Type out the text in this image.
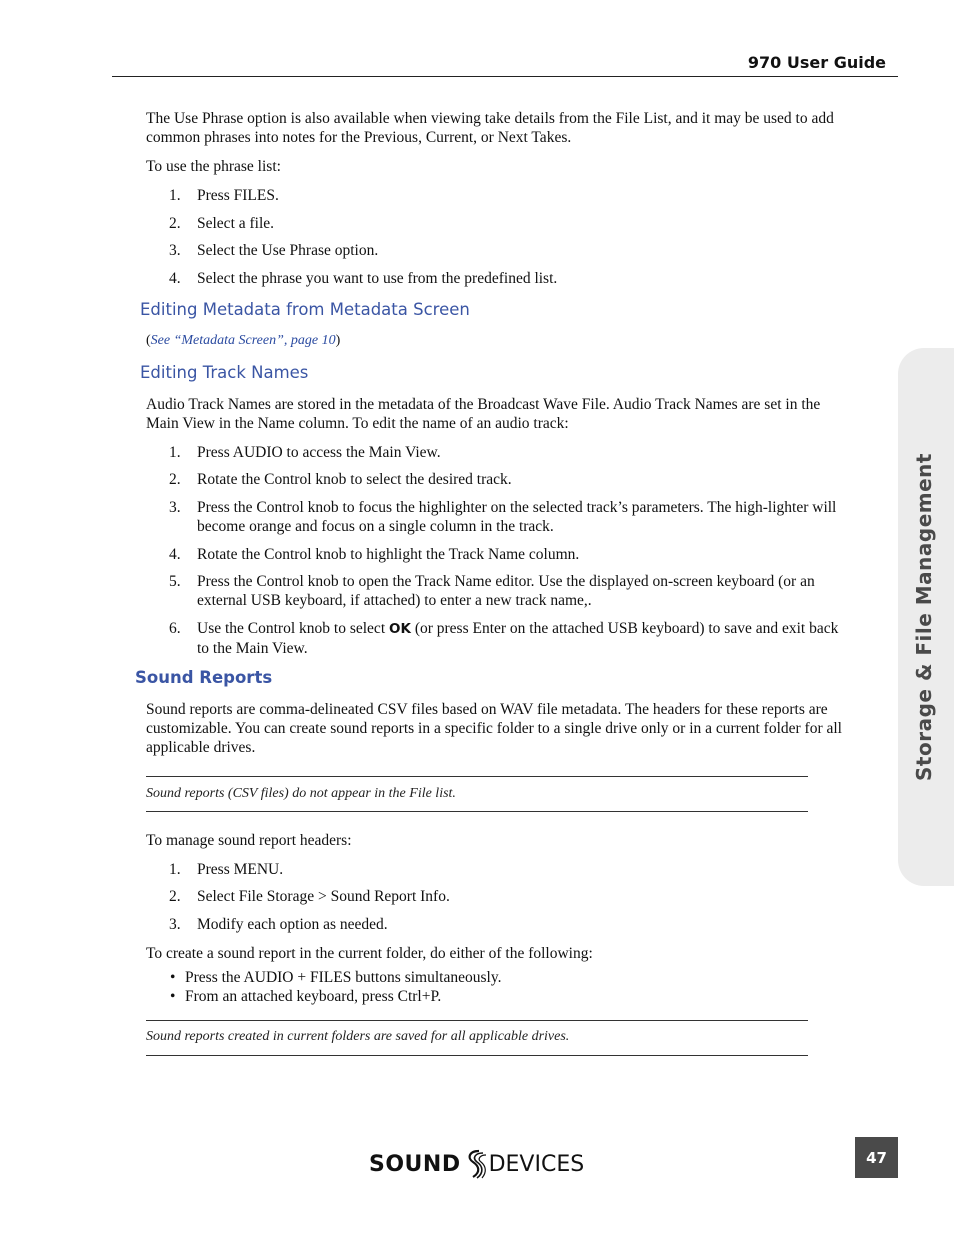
970 User Guide
Storage & File Management

The Use Phrase option is also available when viewing take details from the File List, and it may be used to add common phrases into notes for the Previous, Current, or Next Takes.

To use the phrase list:

1. Press FILES.
2. Select a file.
3. Select the Use Phrase option.
4. Select the phrase you want to use from the predefined list.
Editing Metadata from Metadata Screen
(See “Metadata Screen”, page 10)
Editing Track Names

Audio Track Names are stored in the metadata of the Broadcast Wave File. Audio Track Names are set in the Main View in the Name column. To edit the name of an audio track:

1. Press AUDIO to access the Main View.
2. Rotate the Control knob to select the desired track.
3. Press the Control knob to focus the highlighter on the selected track’s parameters. The high-lighter will become orange and focus on a single column in the track.
4. Rotate the Control knob to highlight the Track Name column.
5. Press the Control knob to open the Track Name editor. Use the displayed on-screen keyboard (or an external USB keyboard, if attached) to enter a new track name,.
6. Use the Control knob to select OK (or press Enter on the attached USB keyboard) to save and exit back to the Main View.
Sound Reports

Sound reports are comma-delineated CSV files based on WAV file metadata. The headers for these reports are customizable. You can create sound reports in a specific folder to a single drive only or in a current folder for all applicable drives.

Sound reports (CSV files) do not appear in the File list.

To manage sound report headers:

1. Press MENU.
2. Select File Storage > Sound Report Info.
3. Modify each option as needed.

To create a sound report in the current folder, do either of the following:

• Press the AUDIO + FILES buttons simultaneously.
• From an attached keyboard, press Ctrl+P.
Sound reports created in current folders are saved for all applicable drives.
SOUND DEVICES	47
